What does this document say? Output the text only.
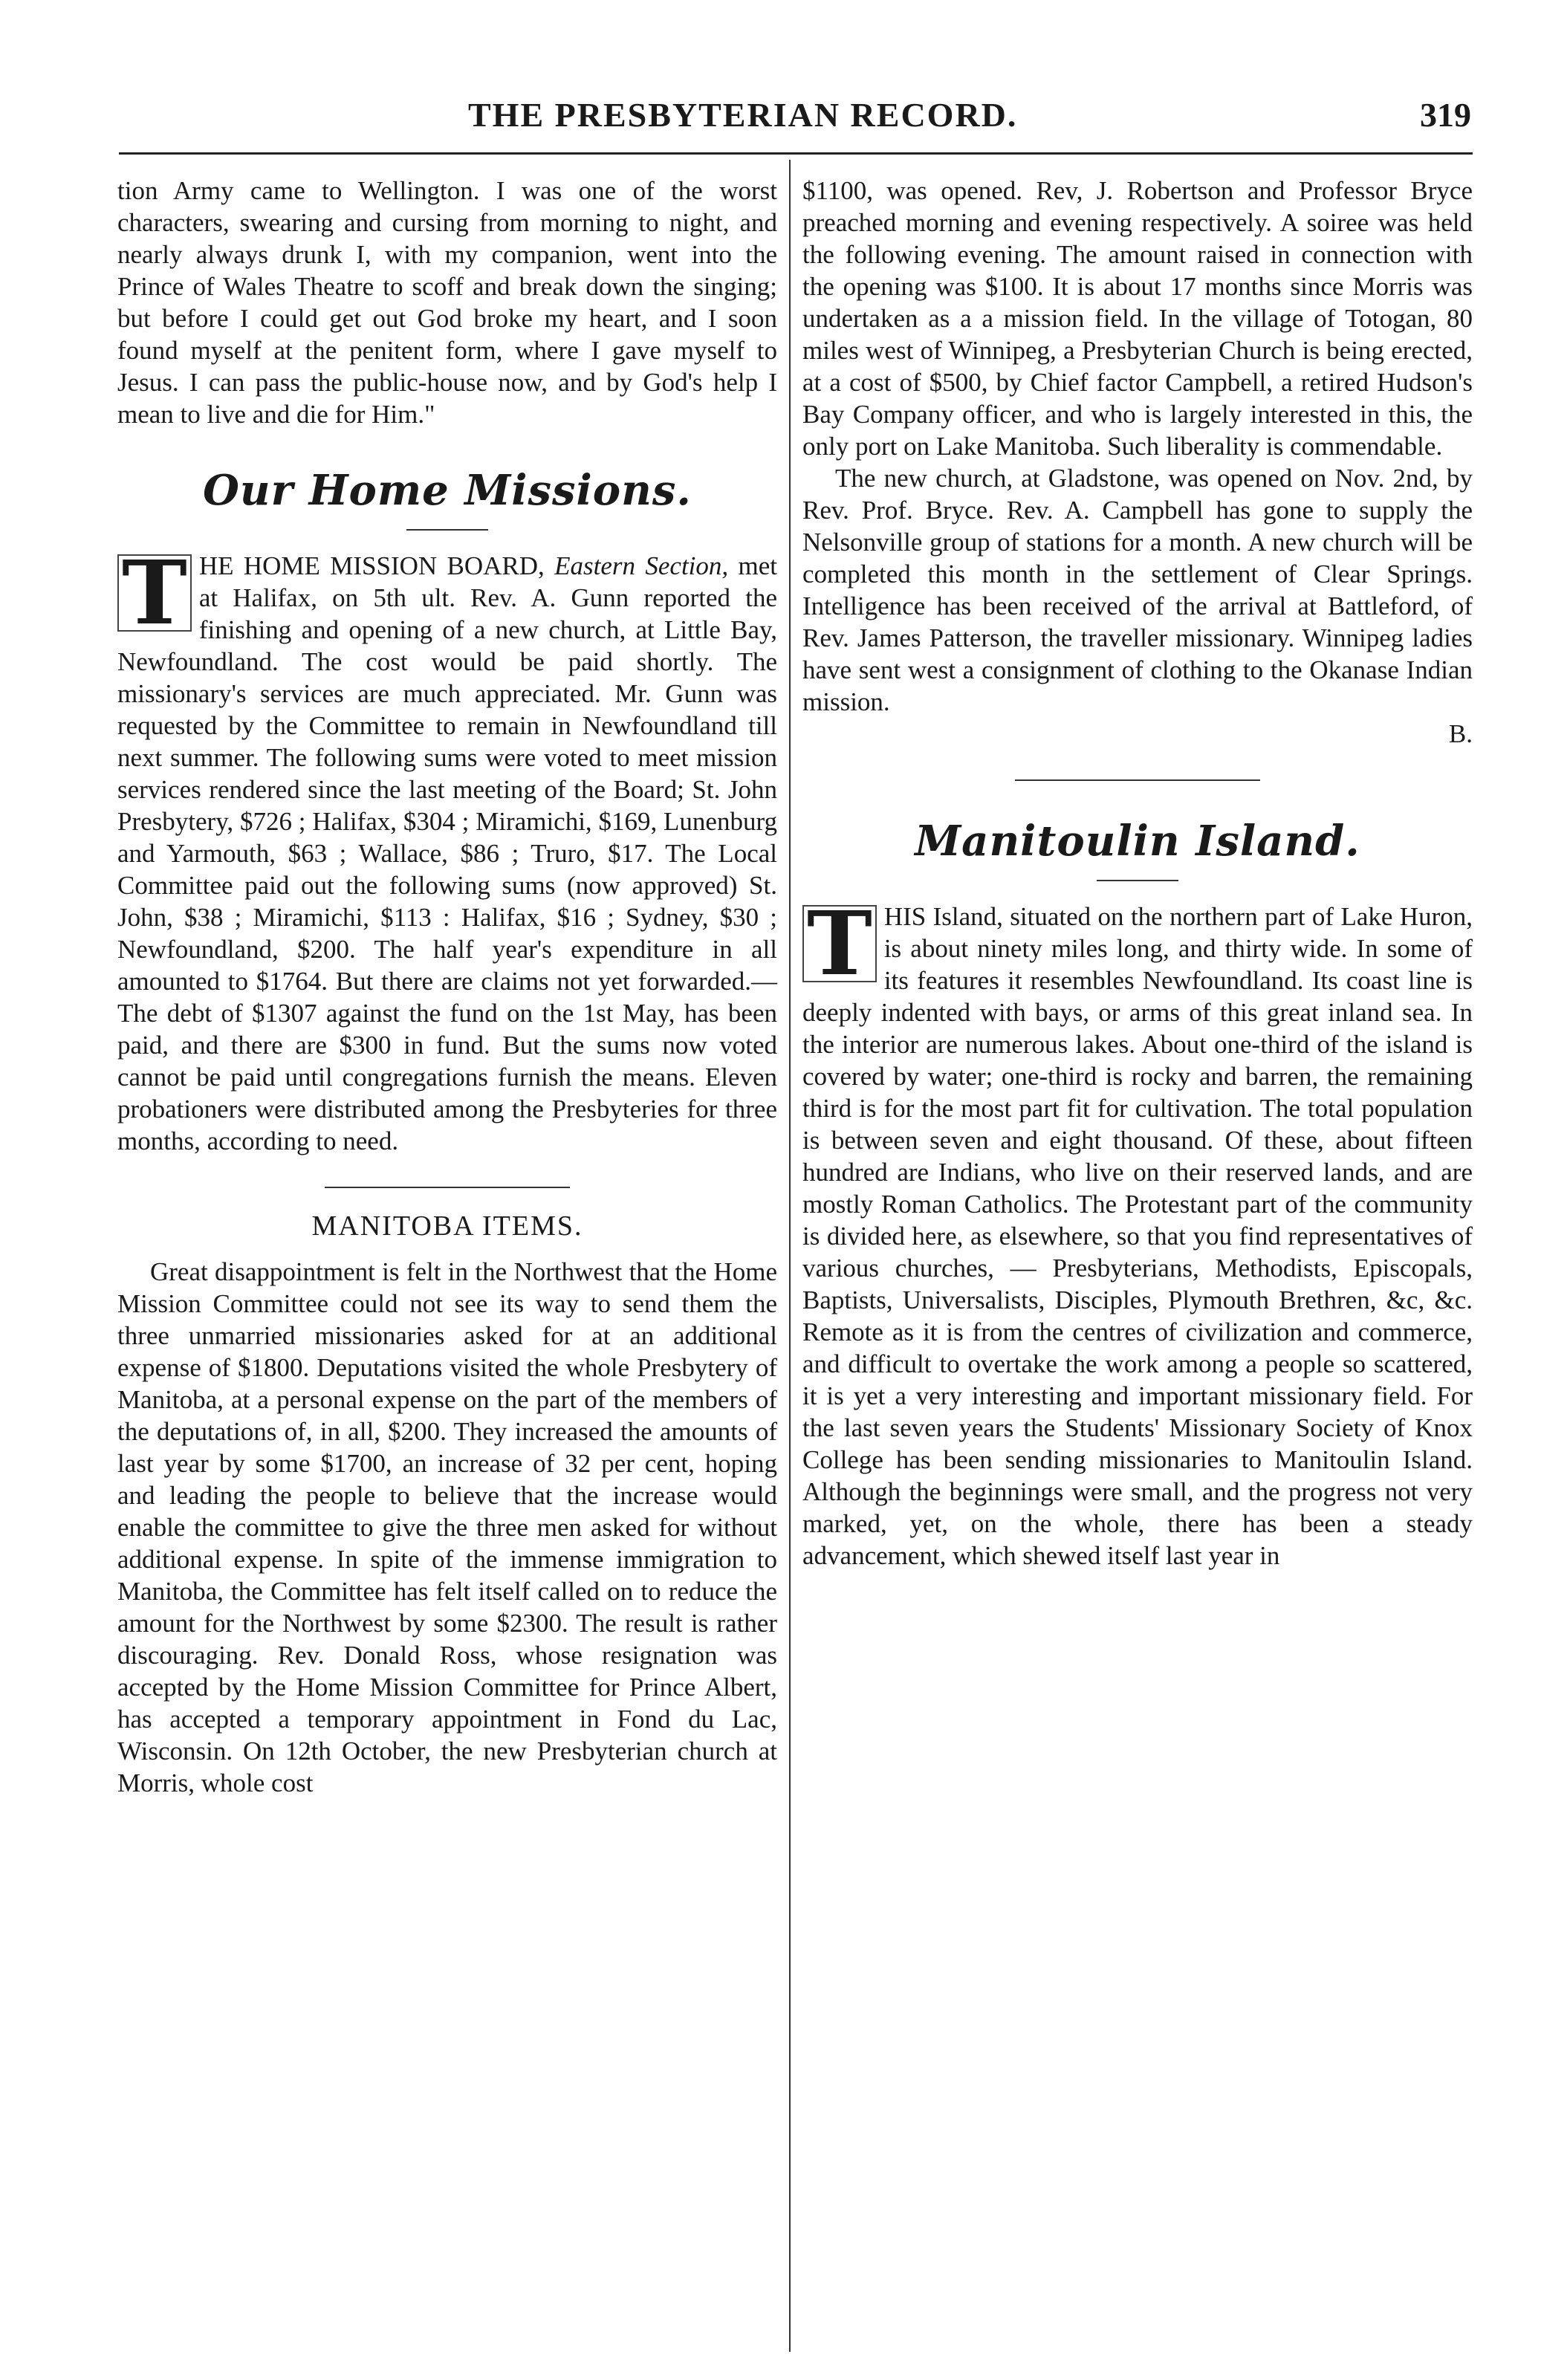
THE PRESBYTERIAN RECORD.	319

tion Army came to Wellington. I was one of the worst characters, swearing and cursing from morning to night, and nearly always drunk I, with my companion, went into the Prince of Wales Theatre to scoff and break down the singing; but before I could get out God broke my heart, and I soon found myself at the penitent form, where I gave myself to Jesus. I can pass the public-house now, and by God's help I mean to live and die for Him."

Our Home Missions.

T HE HOME MISSION BOARD, Eastern Section, met at Halifax, on 5th ult. Rev. A. Gunn reported the finishing and opening of a new church, at Little Bay, Newfoundland. The cost would be paid shortly. The missionary's services are much appreciated. Mr. Gunn was requested by the Committee to remain in Newfoundland till next summer. The following sums were voted to meet mission services rendered since the last meeting of the Board; St. John Presbytery, $726 ; Halifax, $304 ; Miramichi, $169, Lunenburg and Yarmouth, $63 ; Wallace, $86 ; Truro, $17. The Local Committee paid out the following sums (now approved) St. John, $38 ; Miramichi, $113 : Halifax, $16 ; Sydney, $30 ; Newfoundland, $200. The half year's expenditure in all amounted to $1764. But there are claims not yet forwarded.—The debt of $1307 against the fund on the 1st May, has been paid, and there are $300 in fund. But the sums now voted cannot be paid until congregations furnish the means. Eleven probationers were distributed among the Presbyteries for three months, according to need.

MANITOBA ITEMS.

Great disappointment is felt in the Northwest that the Home Mission Committee could not see its way to send them the three unmarried missionaries asked for at an additional expense of $1800. Deputations visited the whole Presbytery of Manitoba, at a personal expense on the part of the members of the deputations of, in all, $200. They increased the amounts of last year by some $1700, an increase of 32 per cent, hoping and leading the people to believe that the increase would enable the committee to give the three men asked for without additional expense. In spite of the immense immigration to Manitoba, the Committee has felt itself called on to reduce the amount for the Northwest by some $2300. The result is rather discouraging. Rev. Donald Ross, whose resignation was accepted by the Home Mission Committee for Prince Albert, has accepted a temporary appointment in Fond du Lac, Wisconsin. On 12th October, the new Presbyterian church at Morris, whole cost

$1100, was opened. Rev, J. Robertson and Professor Bryce preached morning and evening respectively. A soiree was held the following evening. The amount raised in connection with the opening was $100. It is about 17 months since Morris was undertaken as a a mission field. In the village of Totogan, 80 miles west of Winnipeg, a Presbyterian Church is being erected, at a cost of $500, by Chief factor Campbell, a retired Hudson's Bay Company officer, and who is largely interested in this, the only port on Lake Manitoba. Such liberality is commendable.

The new church, at Gladstone, was opened on Nov. 2nd, by Rev. Prof. Bryce. Rev. A. Campbell has gone to supply the Nelsonville group of stations for a month. A new church will be completed this month in the settlement of Clear Springs. Intelligence has been received of the arrival at Battleford, of Rev. James Patterson, the traveller missionary. Winnipeg ladies have sent west a consignment of clothing to the Okanase Indian mission.

B.

Manitoulin Island.

T HIS Island, situated on the northern part of Lake Huron, is about ninety miles long, and thirty wide. In some of its features it resembles Newfoundland. Its coast line is deeply indented with bays, or arms of this great inland sea. In the interior are numerous lakes. About one-third of the island is covered by water; one-third is rocky and barren, the remaining third is for the most part fit for cultivation. The total population is between seven and eight thousand. Of these, about fifteen hundred are Indians, who live on their reserved lands, and are mostly Roman Catholics. The Protestant part of the community is divided here, as elsewhere, so that you find representatives of various churches, — Presbyterians, Methodists, Episcopals, Baptists, Universalists, Disciples, Plymouth Brethren, &c, &c. Remote as it is from the centres of civilization and commerce, and difficult to overtake the work among a people so scattered, it is yet a very interesting and important missionary field. For the last seven years the Students' Missionary Society of Knox College has been sending missionaries to Manitoulin Island. Although the beginnings were small, and the progress not very marked, yet, on the whole, there has been a steady advancement, which shewed itself last year in
